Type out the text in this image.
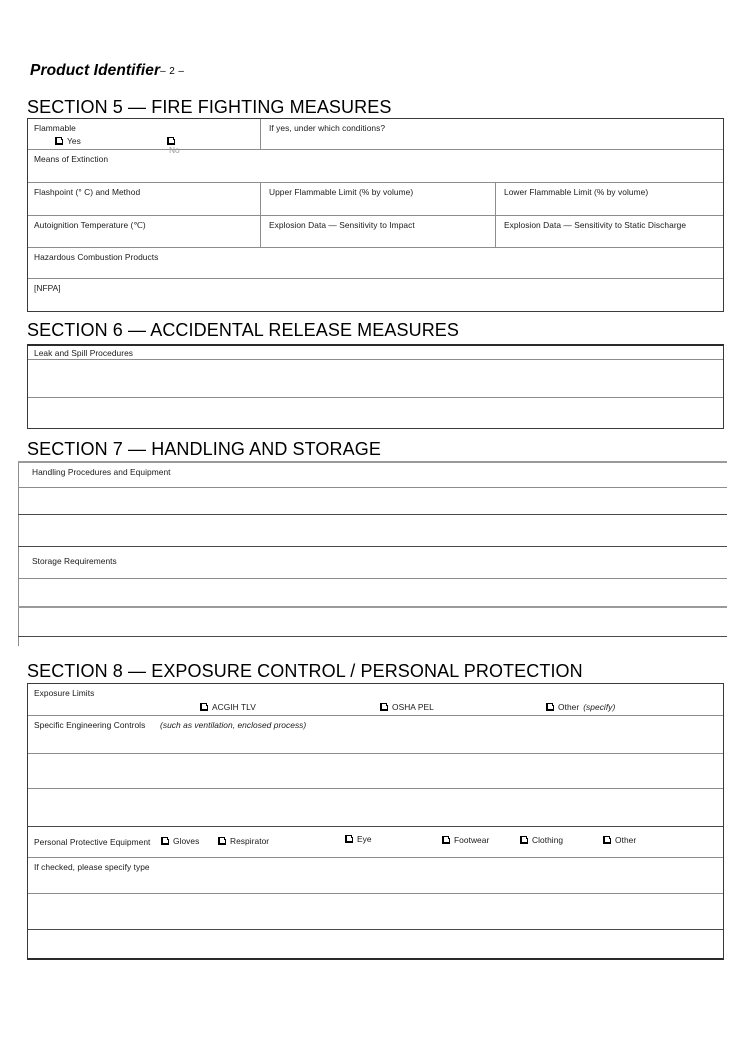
Product Identifier– 2 –
SECTION 5 — FIRE FIGHTING MEASURES
Flammable
Yes
No
If yes, under which conditions?
Means of Extinction
Flashpoint (° C) and Method	Upper Flammable Limit (% by volume)	Lower Flammable Limit (% by volume)
Autoignition Temperature (℃)	Explosion Data — Sensitivity to Impact	Explosion Data — Sensitivity to Static Discharge
Hazardous Combustion Products
[NFPA]
SECTION 6 — ACCIDENTAL RELEASE MEASURES
Leak and Spill Procedures
SECTION 7 — HANDLING AND STORAGE
Handling Procedures and Equipment
Storage Requirements
SECTION 8 — EXPOSURE CONTROL / PERSONAL PROTECTION
Exposure Limits
ACGIH TLV	OSHA PEL	Other (specify)
Specific Engineering Controls (such as ventilation, enclosed process)
Personal Protective Equipment	Gloves	Respirator	Eye	Footwear	Clothing	Other
If checked, please specify type
